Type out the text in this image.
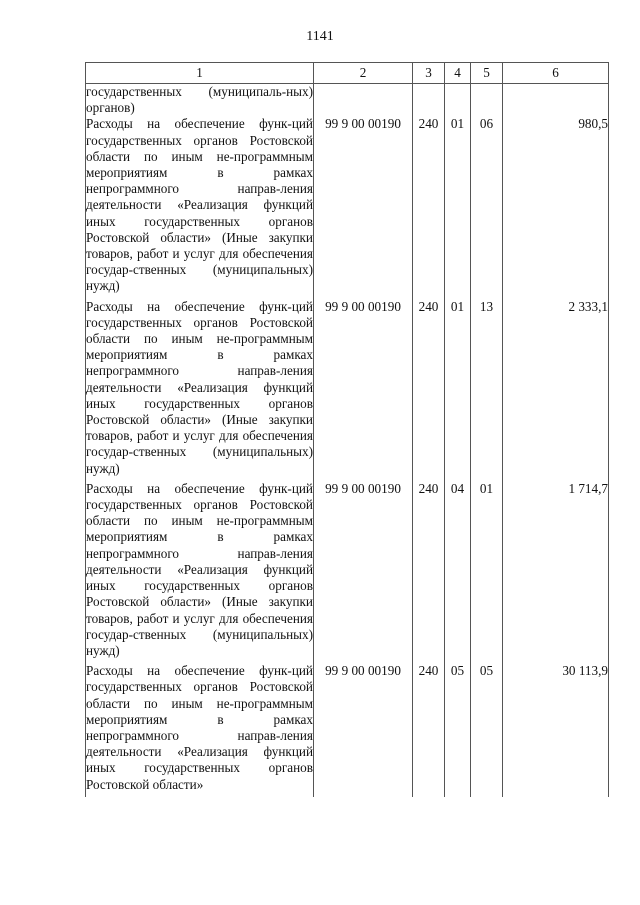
1141
1	2	3	4	5	6
государственных (муниципаль-ных) органов)					
Расходы на обеспечение функ-ций государственных органов Ростовской области по иным не-программным мероприятиям в рамках непрограммного направ-ления деятельности «Реализация функций иных государственных органов Ростовской области» (Иные закупки товаров, работ и услуг для обеспечения государ-ственных (муниципальных) нужд)	99 9 00 00190	240	01	06	980,5
Расходы на обеспечение функ-ций государственных органов Ростовской области по иным не-программным мероприятиям в рамках непрограммного направ-ления деятельности «Реализация функций иных государственных органов Ростовской области» (Иные закупки товаров, работ и услуг для обеспечения государ-ственных (муниципальных) нужд)	99 9 00 00190	240	01	13	2 333,1
Расходы на обеспечение функ-ций государственных органов Ростовской области по иным не-программным мероприятиям в рамках непрограммного направ-ления деятельности «Реализация функций иных государственных органов Ростовской области» (Иные закупки товаров, работ и услуг для обеспечения государ-ственных (муниципальных) нужд)	99 9 00 00190	240	04	01	1 714,7
Расходы на обеспечение функ-ций государственных органов Ростовской области по иным не-программным мероприятиям в рамках непрограммного направ-ления деятельности «Реализация функций иных государственных органов Ростовской области»	99 9 00 00190	240	05	05	30 113,9
